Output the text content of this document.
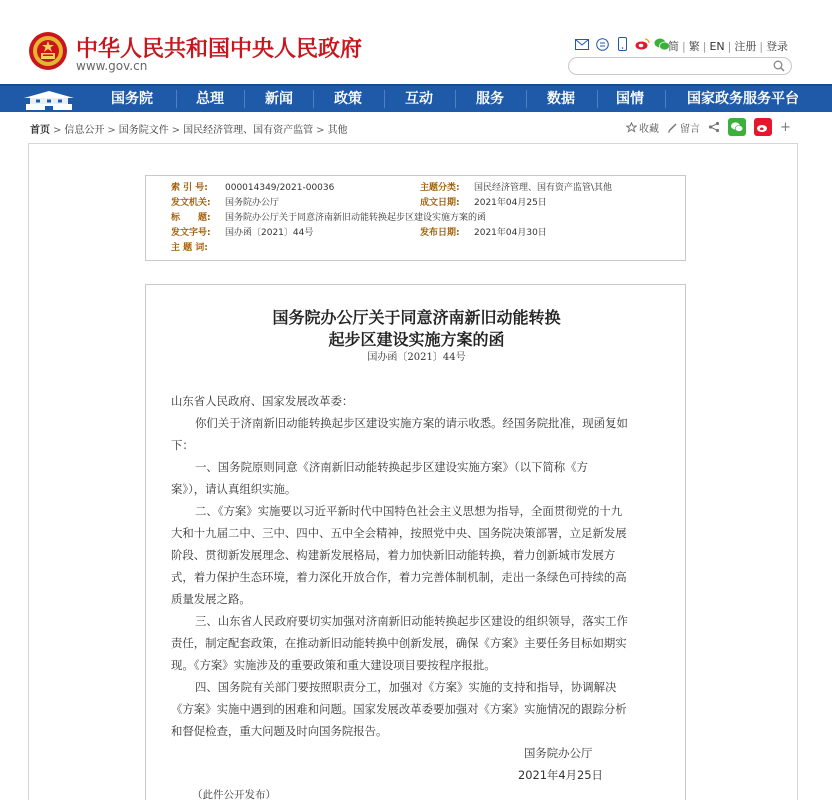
中华人民共和国中央人民政府
www.gov.cn
简 | 繁 | EN | 注册 | 登录
国务院	总理	新闻	政策	互动	服务	数据	国情	国家政务服务平台
首页 > 信息公开 > 国务院文件 > 国民经济管理、国有资产监管 > 其他	收藏 留言	+
索 引 号: 000014349/2021-00036	主题分类: 国民经济管理、国有资产监管\其他
发文机关: 国务院办公厅	成文日期: 2021年04月25日
标　　题: 国务院办公厅关于同意济南新旧动能转换起步区建设实施方案的函
发文字号: 国办函〔2021〕44号	发布日期: 2021年04月30日
主 题 词:
国务院办公厅关于同意济南新旧动能转换
起步区建设实施方案的函
国办函〔2021〕44号
山东省人民政府、国家发展改革委：
你们关于济南新旧动能转换起步区建设实施方案的请示收悉。经国务院批准，现函复如
下：
一、国务院原则同意《济南新旧动能转换起步区建设实施方案》（以下简称《方
案》），请认真组织实施。
二、《方案》实施要以习近平新时代中国特色社会主义思想为指导，全面贯彻党的十九
大和十九届二中、三中、四中、五中全会精神，按照党中央、国务院决策部署，立足新发展
阶段、贯彻新发展理念、构建新发展格局，着力加快新旧动能转换，着力创新城市发展方
式，着力保护生态环境，着力深化开放合作，着力完善体制机制，走出一条绿色可持续的高
质量发展之路。
三、山东省人民政府要切实加强对济南新旧动能转换起步区建设的组织领导，落实工作
责任，制定配套政策，在推动新旧动能转换中创新发展，确保《方案》主要任务目标如期实
现。《方案》实施涉及的重要政策和重大建设项目要按程序报批。
四、国务院有关部门要按照职责分工，加强对《方案》实施的支持和指导，协调解决
《方案》实施中遇到的困难和问题。国家发展改革委要加强对《方案》实施情况的跟踪分析
和督促检查，重大问题及时向国务院报告。
国务院办公厅
2021年4月25日
（此件公开发布）
